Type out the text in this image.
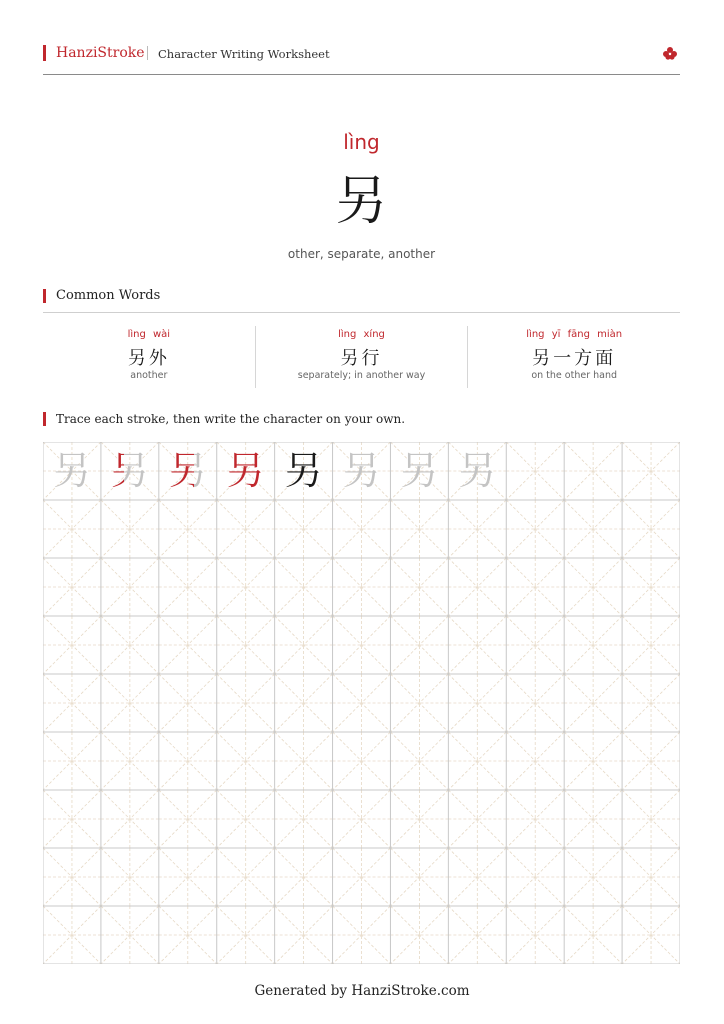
HanziStroke Character Writing Worksheet
lìng
另
other, separate, another
Common Words
lìng wài
另外
another
lìng xíng
另行
separately; in another way
lìng yī fāng miàn
另一方面
on the other hand
Trace each stroke, then write the character on your own.
另 另 另 另 另 另 另 另
Generated by HanziStroke.com
